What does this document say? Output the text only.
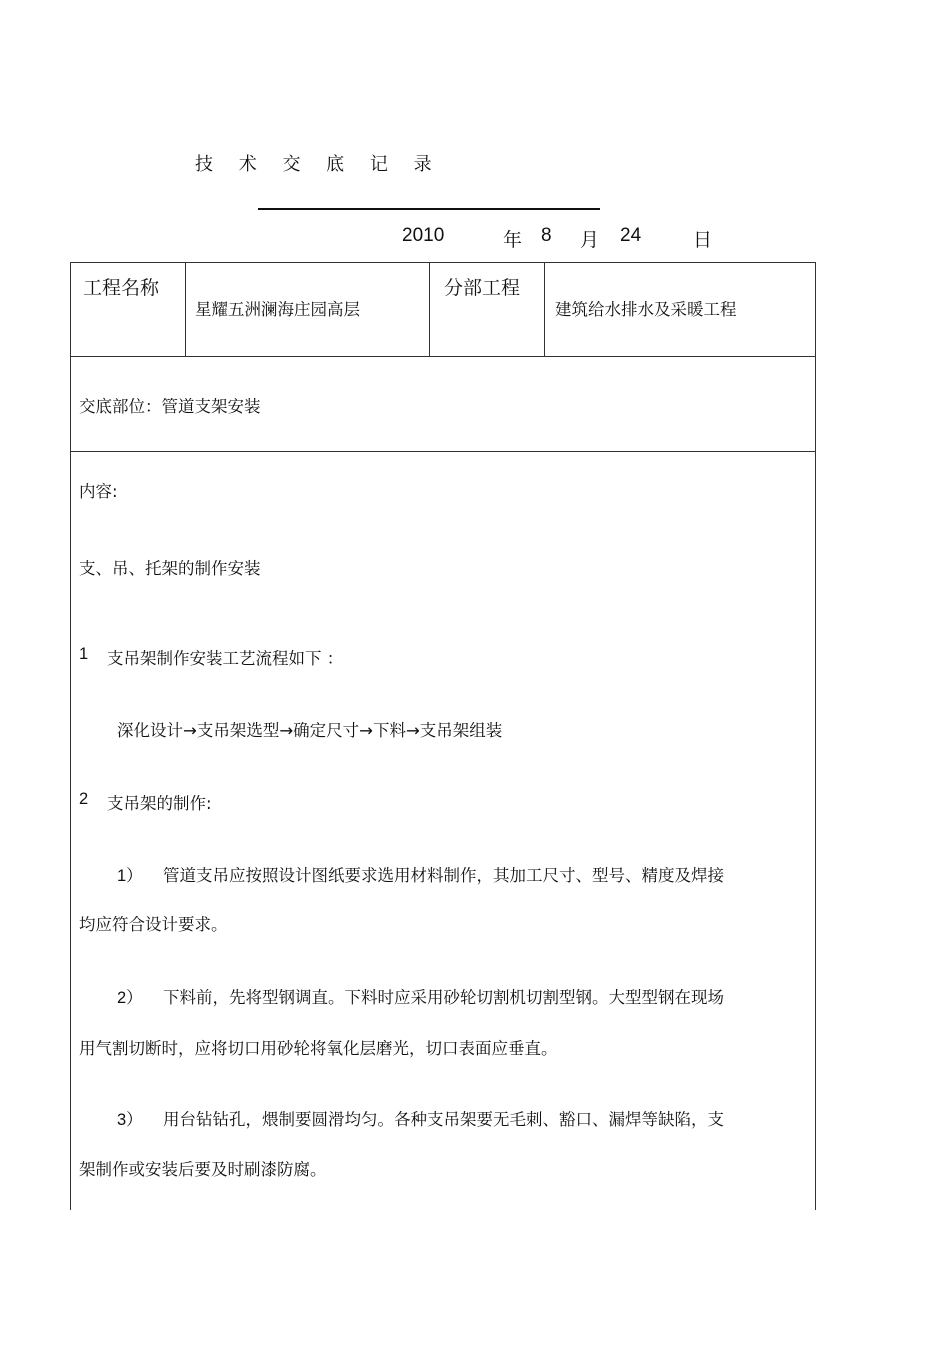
技 术 交 底 记 录
2010	年 8 月 24	日
工程名称
星耀五洲澜海庄园高层
分部工程
建筑给水排水及采暖工程
交底部位：管道支架安装
内容:
支、吊、托架的制作安装
1 支吊架制作安装工艺流程如下 ：
深化设计→支吊架选型→确定尺寸→下料→支吊架组装
2 支吊架的制作:
1） 管道支吊应按照设计图纸要求选用材料制作，其加工尺寸、型号、精度及焊接
均应符合设计要求。
2） 下料前，先将型钢调直。下料时应采用砂轮切割机切割型钢。大型型钢在现场
用气割切断时，应将切口用砂轮将氧化层磨光，切口表面应垂直。
3） 用台钻钻孔，煨制要圆滑均匀。各种支吊架要无毛刺、豁口、漏焊等缺陷，支
架制作或安装后要及时刷漆防腐。
